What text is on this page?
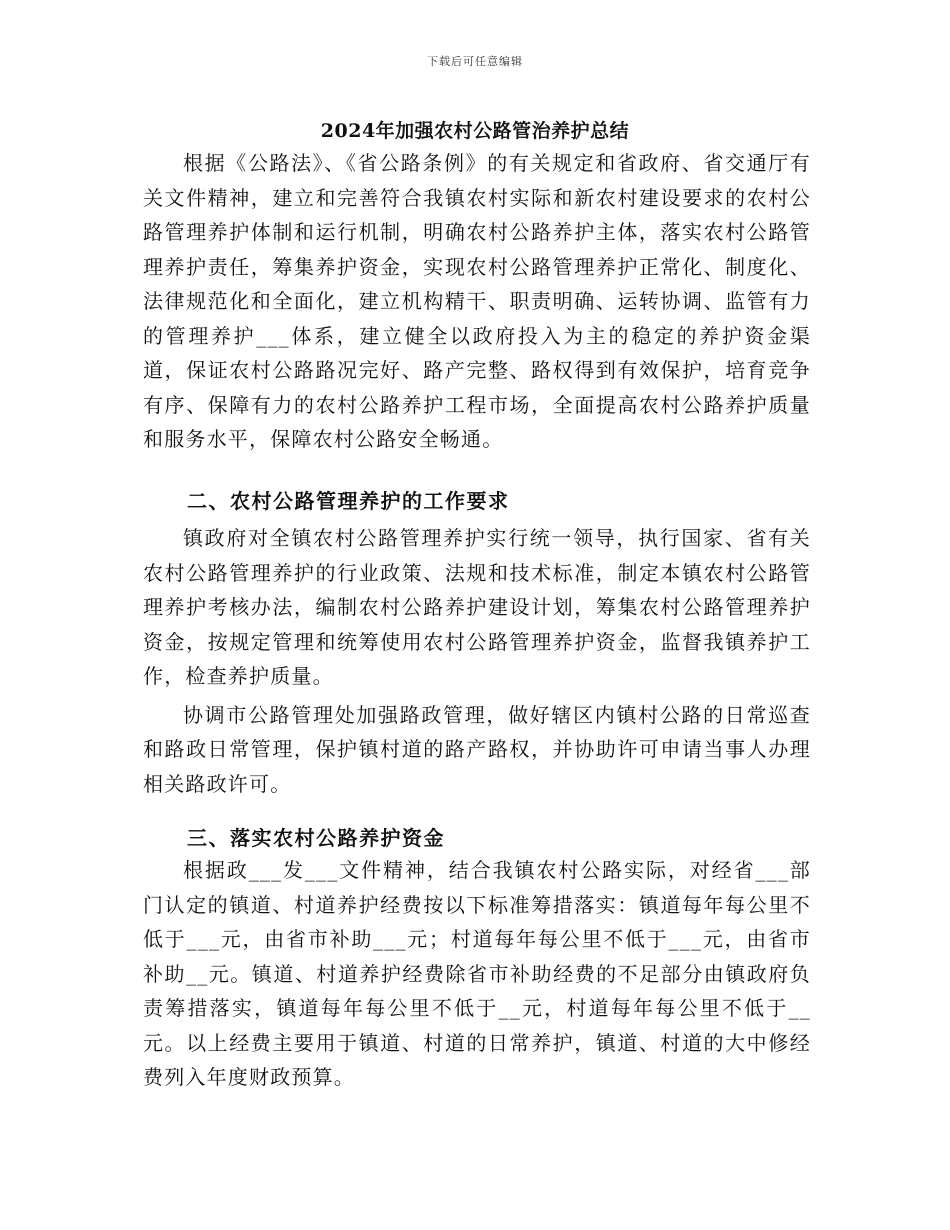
下载后可任意编辑
2024年加强农村公路管治养护总结

根据《公路法》、《省公路条例》的有关规定和省政府、省交通厅有关文件精神，建立和完善符合我镇农村实际和新农村建设要求的农村公路管理养护体制和运行机制，明确农村公路养护主体，落实农村公路管理养护责任，筹集养护资金，实现农村公路管理养护正常化、制度化、法律规范化和全面化，建立机构精干、职责明确、运转协调、监管有力的管理养护___体系，建立健全以政府投入为主的稳定的养护资金渠道，保证农村公路路况完好、路产完整、路权得到有效保护，培育竞争有序、保障有力的农村公路养护工程市场，全面提高农村公路养护质量和服务水平，保障农村公路安全畅通。

二、农村公路管理养护的工作要求

镇政府对全镇农村公路管理养护实行统一领导，执行国家、省有关农村公路管理养护的行业政策、法规和技术标准，制定本镇农村公路管理养护考核办法，编制农村公路养护建设计划，筹集农村公路管理养护资金，按规定管理和统筹使用农村公路管理养护资金，监督我镇养护工作，检查养护质量。

协调市公路管理处加强路政管理，做好辖区内镇村公路的日常巡查和路政日常管理，保护镇村道的路产路权，并协助许可申请当事人办理相关路政许可。

三、落实农村公路养护资金

根据政___发___文件精神，结合我镇农村公路实际，对经省___部门认定的镇道、村道养护经费按以下标准筹措落实：镇道每年每公里不低于___元，由省市补助___元；村道每年每公里不低于___元，由省市补助__元。镇道、村道养护经费除省市补助经费的不足部分由镇政府负责筹措落实，镇道每年每公里不低于__元，村道每年每公里不低于__元。以上经费主要用于镇道、村道的日常养护，镇道、村道的大中修经费列入年度财政预算。
